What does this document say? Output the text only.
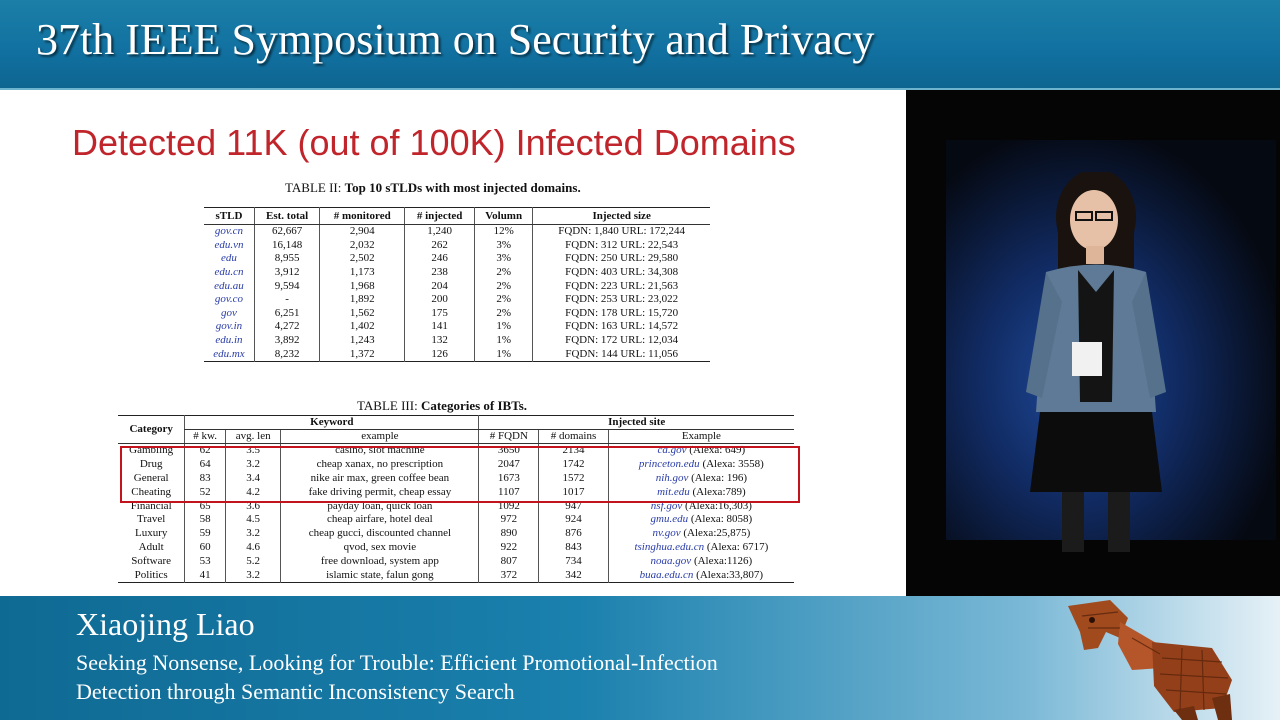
37th IEEE Symposium on Security and Privacy
Detected 11K (out of 100K) Infected Domains
TABLE II: Top 10 sTLDs with most injected domains.
sTLD	Est. total	# monitored	# injected	Volumn	Injected size
gov.cn	62,667	2,904	1,240	12%	FQDN: 1,840 URL: 172,244
edu.vn	16,148	2,032	262	3%	FQDN: 312 URL: 22,543
edu	8,955	2,502	246	3%	FQDN: 250 URL: 29,580
edu.cn	3,912	1,173	238	2%	FQDN: 403 URL: 34,308
edu.au	9,594	1,968	204	2%	FQDN: 223 URL: 21,563
gov.co	-	1,892	200	2%	FQDN: 253 URL: 23,022
gov	6,251	1,562	175	2%	FQDN: 178 URL: 15,720
gov.in	4,272	1,402	141	1%	FQDN: 163 URL: 14,572
edu.in	3,892	1,243	132	1%	FQDN: 172 URL: 12,034
edu.mx	8,232	1,372	126	1%	FQDN: 144 URL: 11,056
TABLE III: Categories of IBTs.
Category	Keyword			Injected site		
	# kw.	avg. len	example	# FQDN	# domains	Example
Gambling	62	3.5	casino, slot machine	3650	2134	ca.gov (Alexa: 649)
Drug	64	3.2	cheap xanax, no prescription	2047	1742	princeton.edu (Alexa: 3558)
General	83	3.4	nike air max, green coffee bean	1673	1572	nih.gov (Alexa: 196)
Cheating	52	4.2	fake driving permit, cheap essay	1107	1017	mit.edu (Alexa:789)
Financial	65	3.6	payday loan, quick loan	1092	947	nsf.gov (Alexa:16,303)
Travel	58	4.5	cheap airfare, hotel deal	972	924	gmu.edu (Alexa: 8058)
Luxury	59	3.2	cheap gucci, discounted channel	890	876	nv.gov (Alexa:25,875)
Adult	60	4.6	qvod, sex movie	922	843	tsinghua.edu.cn (Alexa: 6717)
Software	53	5.2	free download, system app	807	734	noaa.gov (Alexa:1126)
Politics	41	3.2	islamic state, falun gong	372	342	buaa.edu.cn (Alexa:33,807)
Xiaojing Liao
Seeking Nonsense, Looking for Trouble: Efficient Promotional-Infection
Detection through Semantic Inconsistency Search
